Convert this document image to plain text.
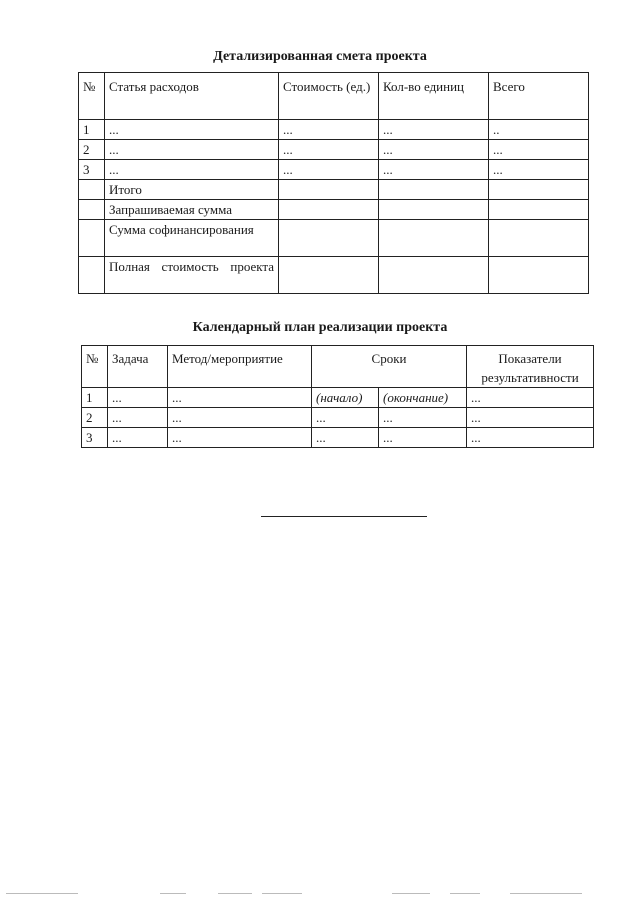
Детализированная смета проекта
№	Статья расходов	Стоимость (ед.)	Кол-во единиц	Всего
1	...	...	...	..
2	...	...	...	...
3	...	...	...	...
	Итого			
	Запрашиваемая сумма			
	Сумма софинансирования			
	Полная стоимость проекта			
Календарный план реализации проекта
№	Задача	Метод/мероприятие	Сроки		Показатели результативности
1	...	...	(начало)	(окончание)	...
2	...	...	...	...	...
3	...	...	...	...	...
